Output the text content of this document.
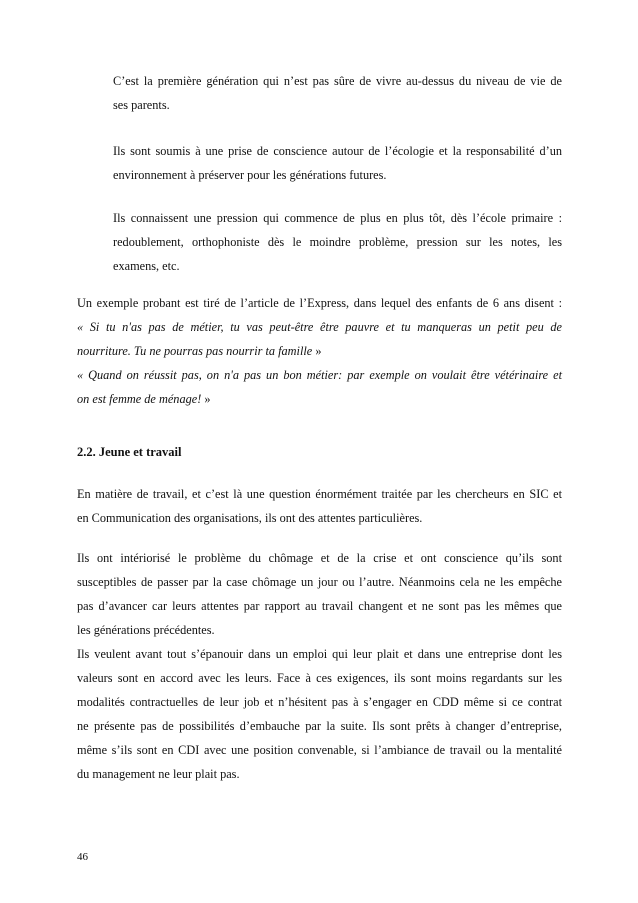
C’est la première génération qui n’est pas sûre de vivre au-dessus du niveau de vie de
ses parents.
Ils sont soumis à une prise de conscience autour de l’écologie et la responsabilité d’un
environnement à préserver pour les générations futures.
Ils connaissent une pression qui commence de plus en plus tôt, dès l’école primaire :
redoublement, orthophoniste dès le moindre problème, pression sur les notes, les
examens, etc.
Un exemple probant est tiré de l’article de l’Express, dans lequel des enfants de 6 ans disent :
« Si tu n'as pas de métier, tu vas peut-être être pauvre et tu manqueras un petit peu de
nourriture. Tu ne pourras pas nourrir ta famille »
« Quand on réussit pas, on n'a pas un bon métier: par exemple on voulait être vétérinaire et
on est femme de ménage! »
2.2. Jeune et travail
En matière de travail, et c’est là une question énormément traitée par les chercheurs en SIC et
en Communication des organisations, ils ont des attentes particulières.
Ils ont intériorisé le problème du chômage et de la crise et ont conscience qu’ils sont
susceptibles de passer par la case chômage un jour ou l’autre. Néanmoins cela ne les empêche
pas d’avancer car leurs attentes par rapport au travail changent et ne sont pas les mêmes que
les générations précédentes.
Ils veulent avant tout s’épanouir dans un emploi qui leur plait et dans une entreprise dont les
valeurs sont en accord avec les leurs. Face à ces exigences, ils sont moins regardants sur les
modalités contractuelles de leur job et n’hésitent pas à s’engager en CDD même si ce contrat
ne présente pas de possibilités d’embauche par la suite. Ils sont prêts à changer d’entreprise,
même s’ils sont en CDI avec une position convenable, si l’ambiance de travail ou la mentalité
du management ne leur plait pas.
46
